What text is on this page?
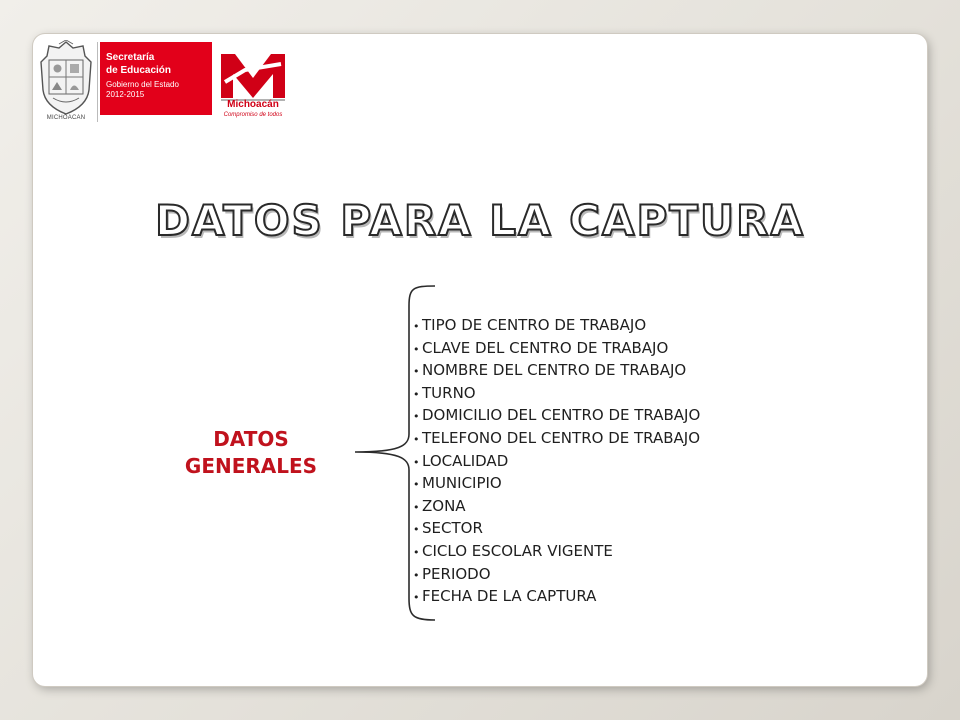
MICHOACAN
Secretaría
de Educación
Gobierno del Estado
2012-2015
Michoacán
Compromiso de todos
DATOS PARA LA CAPTURA
DATOS
GENERALES
• TIPO DE CENTRO DE TRABAJO
• CLAVE DEL CENTRO DE TRABAJO
• NOMBRE DEL CENTRO DE TRABAJO
• TURNO
• DOMICILIO DEL CENTRO DE TRABAJO
• TELEFONO DEL CENTRO DE TRABAJO
• LOCALIDAD
• MUNICIPIO
• ZONA
• SECTOR
• CICLO ESCOLAR VIGENTE
• PERIODO
• FECHA DE LA CAPTURA
